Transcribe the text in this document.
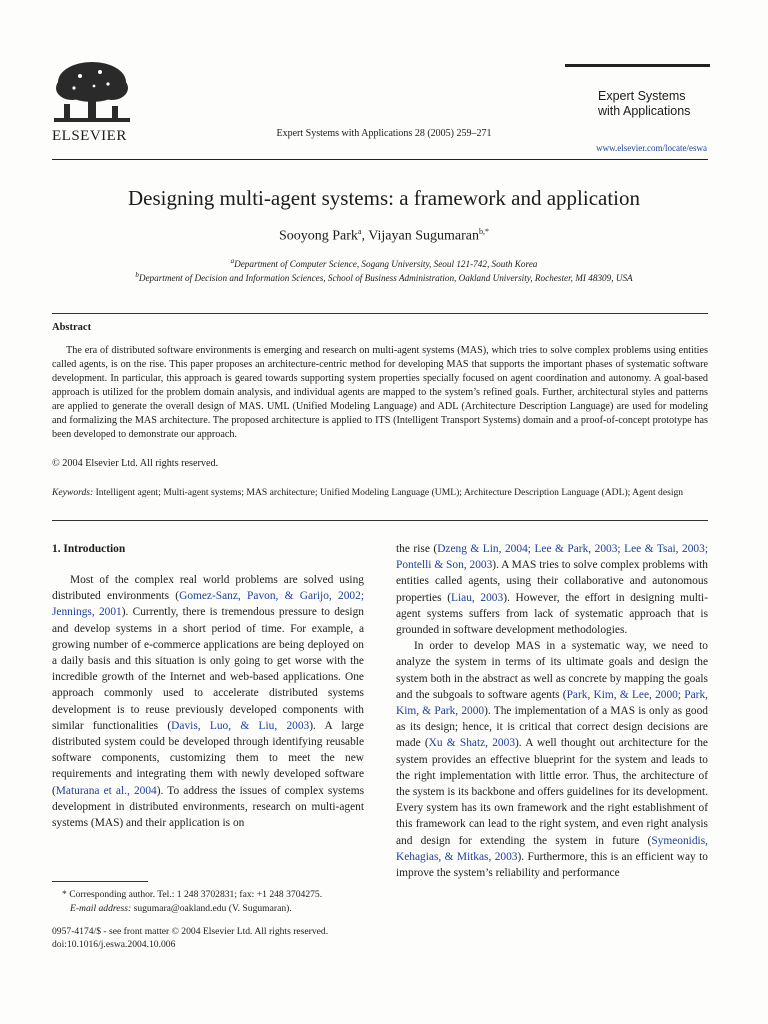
ELSEVIER	Expert Systems with Applications 28 (2005) 259–271
Expert Systems
with Applications
www.elsevier.com/locate/eswa
Designing multi-agent systems: a framework and application
Sooyong Park$^a$, Vijayan Sugumaran$^{b,*}$
$^a$Department of Computer Science, Sogang University, Seoul 121-742, South Korea
$^b$Department of Decision and Information Sciences, School of Business Administration, Oakland University, Rochester, MI 48309, USA
Abstract
The era of distributed software environments is emerging and research on multi-agent systems (MAS), which tries to solve complex problems using entities called agents, is on the rise. This paper proposes an architecture-centric method for developing MAS that supports the important phases of systematic software development. In particular, this approach is geared towards supporting system properties specially focused on agent coordination and autonomy. A goal-based approach is utilized for the problem domain analysis, and individual agents are mapped to the system’s refined goals. Further, architectural styles and patterns are applied to generate the overall design of MAS. UML (Unified Modeling Language) and ADL (Architecture Description Language) are used for modeling and formalizing the MAS architecture. The proposed architecture is applied to ITS (Intelligent Transport Systems) domain and a proof-of-concept prototype has been developed to demonstrate our approach.
© 2004 Elsevier Ltd. All rights reserved.
Keywords: Intelligent agent; Multi-agent systems; MAS architecture; Unified Modeling Language (UML); Architecture Description Language (ADL); Agent design
1. Introduction
Most of the complex real world problems are solved using distributed environments (Gomez-Sanz, Pavon, & Garijo, 2002; Jennings, 2001). Currently, there is tremendous pressure to design and develop systems in a short period of time. For example, a growing number of e-commerce applications are being deployed on a daily basis and this situation is only going to get worse with the incredible growth of the Internet and web-based applications. One approach commonly used to accelerate distributed systems development is to reuse previously developed components with similar functionalities (Davis, Luo, & Liu, 2003). A large distributed system could be developed through identifying reusable software components, customizing them to meet the new requirements and integrating them with newly developed software (Maturana et al., 2004). To address the issues of complex systems development in distributed environments, research on multi-agent systems (MAS) and their application is on
the rise (Dzeng & Lin, 2004; Lee & Park, 2003; Lee & Tsai, 2003; Pontelli & Son, 2003). A MAS tries to solve complex problems with entities called agents, using their collaborative and autonomous properties (Liau, 2003). However, the effort in designing multi-agent systems suffers from lack of systematic approach that is grounded in software development methodologies.
In order to develop MAS in a systematic way, we need to analyze the system in terms of its ultimate goals and design the system both in the abstract as well as concrete by mapping the goals and the subgoals to software agents (Park, Kim, & Lee, 2000; Park, Kim, & Park, 2000). The implementation of a MAS is only as good as its design; hence, it is critical that correct design decisions are made (Xu & Shatz, 2003). A well thought out architecture for the system provides an effective blueprint for the system and leads to the right implementation with little error. Thus, the architecture of the system is its backbone and offers guidelines for its development. Every system has its own framework and the right establishment of this framework can lead to the right system, and even right analysis and design for extending the system in future (Symeonidis, Kehagias, & Mitkas, 2003). Furthermore, this is an efficient way to improve the system’s reliability and performance
* Corresponding author. Tel.: 1 248 3702831; fax: +1 248 3704275.
E-mail address: sugumara@oakland.edu (V. Sugumaran).
0957-4174/$ - see front matter © 2004 Elsevier Ltd. All rights reserved.
doi:10.1016/j.eswa.2004.10.006
